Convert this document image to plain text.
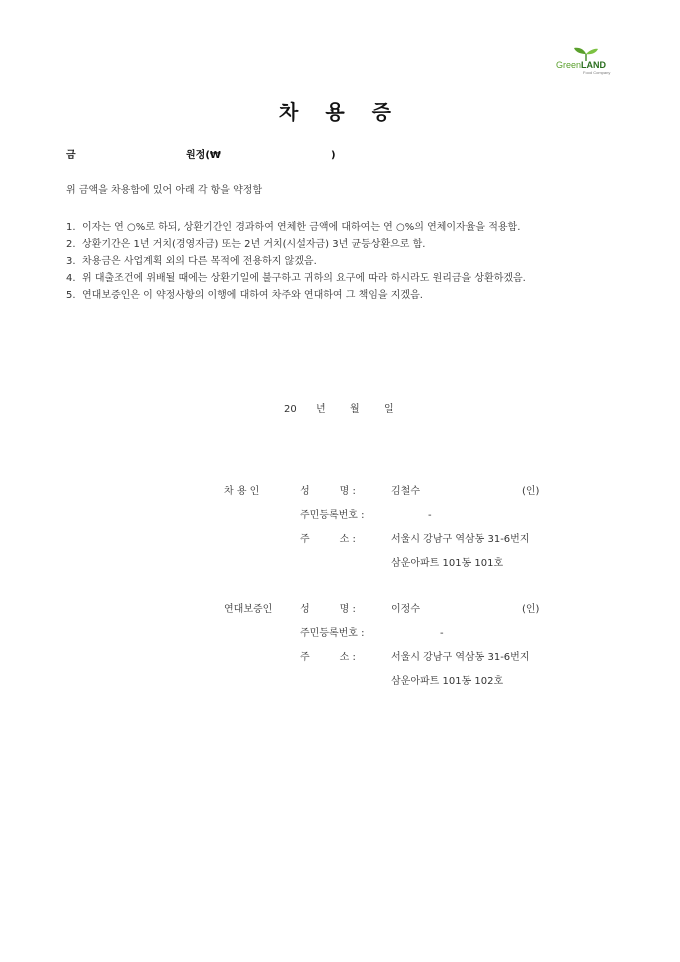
GreenLAND
Food Company
차 용 증
금	원정(₩	)
위 금액을 차용함에 있어 아래 각 항을 약정함
1. 이자는 연 ○%로 하되, 상환기간인 경과하여 연체한 금액에 대하여는 연 ○%의 연체이자율을 적용함.
2. 상환기간은 1년 거치(경영자금) 또는 2년 거치(시설자금) 3년 균등상환으로 함.
3. 차용금은 사업계획 외의 다른 목적에 전용하지 않겠음.
4. 위 대출조건에 위배될 때에는 상환기일에 불구하고 귀하의 요구에 따라 하시라도 원리금을 상환하겠음.
5. 연대보증인은 이 약정사항의 이행에 대하여 차주와 연대하여 그 책임을 지겠음.
20 년 월 일
차 용 인	성　　　명 :	김철수	(인)
주민등록번호 :	-
주　　　소 :	서울시 강남구 역삼동 31-6번지
삼운아파트 101동 101호
연대보증인	성　　　명 :	이정수	(인)
주민등록번호 :	-
주　　　소 :	서울시 강남구 역삼동 31-6번지
삼운아파트 101동 102호
